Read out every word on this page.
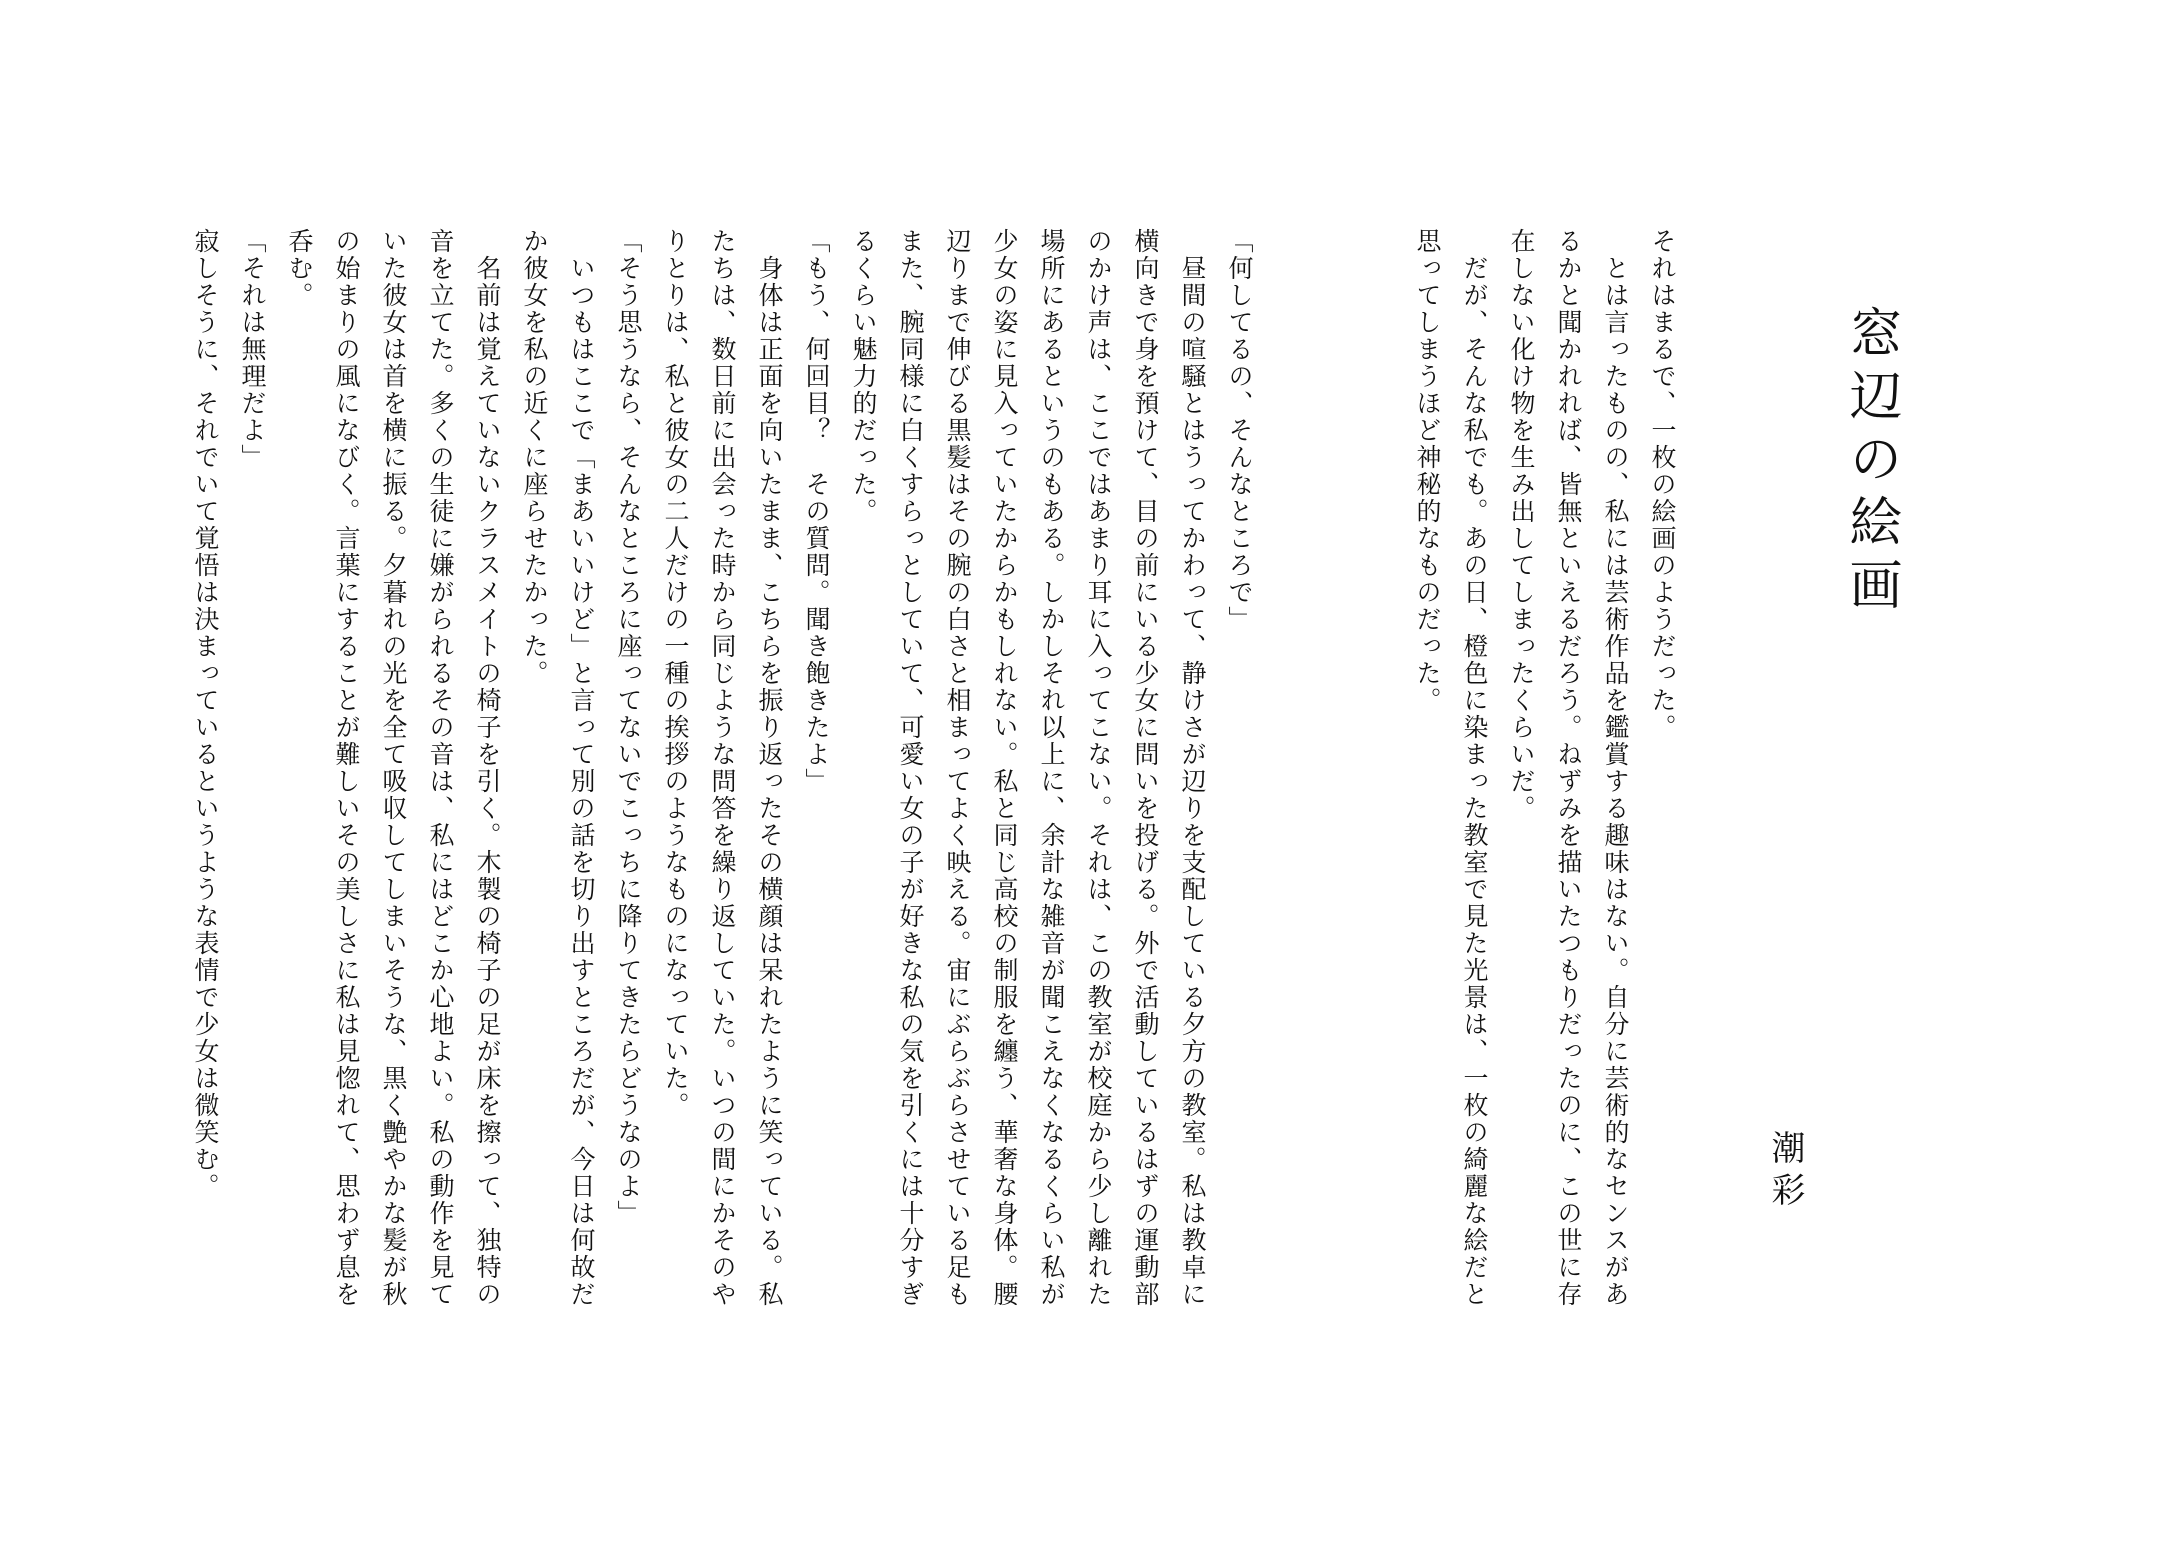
窓辺の絵画
潮彩
それはまるで、一枚の絵画のようだった。
　とは言ったものの、私には芸術作品を鑑賞する趣味はない。自分に芸術的なセンスがあ
るかと聞かれれば、皆無といえるだろう。ねずみを描いたつもりだったのに、この世に存
在しない化け物を生み出してしまったくらいだ。
　だが、そんな私でも。あの日、橙色に染まった教室で見た光景は、一枚の綺麗な絵だと
思ってしまうほど神秘的なものだった。

「何してるの、そんなところで」
　昼間の喧騒とはうってかわって、静けさが辺りを支配している夕方の教室。私は教卓に
横向きで身を預けて、目の前にいる少女に問いを投げる。外で活動しているはずの運動部
のかけ声は、ここではあまり耳に入ってこない。それは、この教室が校庭から少し離れた
場所にあるというのもある。しかしそれ以上に、余計な雑音が聞こえなくなるくらい私が
少女の姿に見入っていたからかもしれない。私と同じ高校の制服を纏う、華奢な身体。腰
辺りまで伸びる黒髪はその腕の白さと相まってよく映える。宙にぶらぶらさせている足も
また、腕同様に白くすらっとしていて、可愛い女の子が好きな私の気を引くには十分すぎ
るくらい魅力的だった。
「もう、何回目？　その質問。聞き飽きたよ」
　身体は正面を向いたまま、こちらを振り返ったその横顔は呆れたように笑っている。私
たちは、数日前に出会った時から同じような問答を繰り返していた。いつの間にかそのや
りとりは、私と彼女の二人だけの一種の挨拶のようなものになっていた。
「そう思うなら、そんなところに座ってないでこっちに降りてきたらどうなのよ」
　いつもはここで「まあいいけど」と言って別の話を切り出すところだが、今日は何故だ
か彼女を私の近くに座らせたかった。
　名前は覚えていないクラスメイトの椅子を引く。木製の椅子の足が床を擦って、独特の
音を立てた。多くの生徒に嫌がられるその音は、私にはどこか心地よい。私の動作を見て
いた彼女は首を横に振る。夕暮れの光を全て吸収してしまいそうな、黒く艶やかな髪が秋
の始まりの風になびく。言葉にすることが難しいその美しさに私は見惚れて、思わず息を
呑む。
「それは無理だよ」
寂しそうに、それでいて覚悟は決まっているというような表情で少女は微笑む。
